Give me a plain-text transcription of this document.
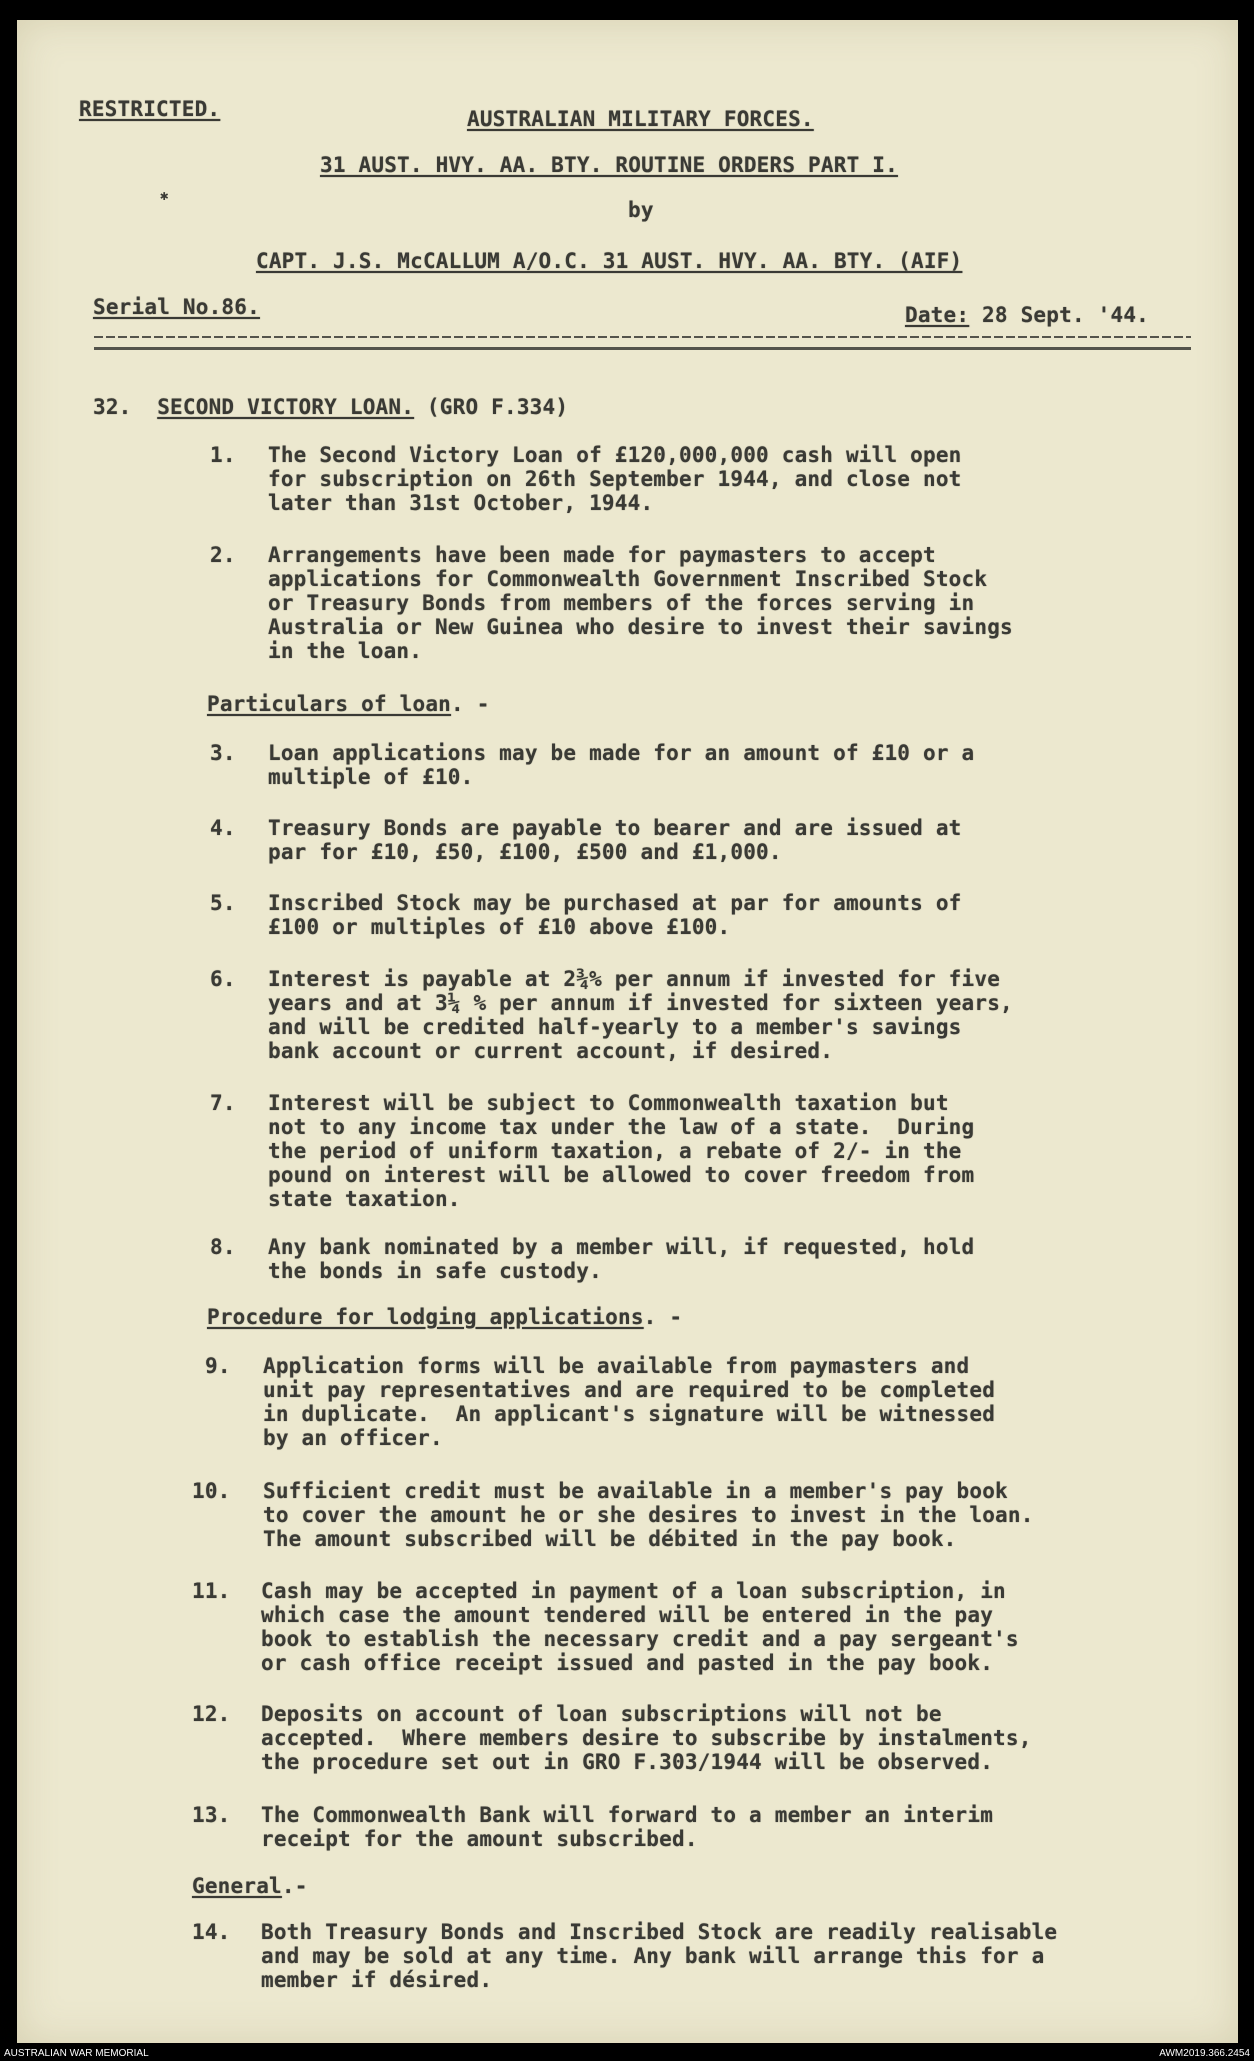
RESTRICTED.	AUSTRALIAN MILITARY FORCES.
31 AUST. HVY. AA. BTY. ROUTINE ORDERS PART I.
✱
by
CAPT. J.S. McCALLUM A/O.C. 31 AUST. HVY. AA. BTY. (AIF)
Serial No.86.	Date: 28 Sept. '44.
32. SECOND VICTORY LOAN. (GRO F.334)
1. The Second Victory Loan of £120,000,000 cash will open
for subscription on 26th September 1944, and close not
later than 31st October, 1944.
2. Arrangements have been made for paymasters to accept
applications for Commonwealth Government Inscribed Stock
or Treasury Bonds from members of the forces serving in
Australia or New Guinea who desire to invest their savings
in the loan.
3. Loan applications may be made for an amount of £10 or a
multiple of £10.
4. Treasury Bonds are payable to bearer and are issued at
par for £10, £50, £100, £500 and £1,000.
5. Inscribed Stock may be purchased at par for amounts of
£100 or multiples of £10 above £100.
6. Interest is payable at 2¾% per annum if invested for five
years and at 3¼ % per annum if invested for sixteen years,
and will be credited half-yearly to a member's savings
bank account or current account, if desired.
7. Interest will be subject to Commonwealth taxation but
not to any income tax under the law of a state.  During
the period of uniform taxation, a rebate of 2/- in the
pound on interest will be allowed to cover freedom from
state taxation.
8. Any bank nominated by a member will, if requested, hold
the bonds in safe custody.
9. Application forms will be available from paymasters and
unit pay representatives and are required to be completed
in duplicate.  An applicant's signature will be witnessed
by an officer.
10. Sufficient credit must be available in a member's pay book
to cover the amount he or she desires to invest in the loan.
The amount subscribed will be débited in the pay book.
11. Cash may be accepted in payment of a loan subscription, in
which case the amount tendered will be entered in the pay
book to establish the necessary credit and a pay sergeant's
or cash office receipt issued and pasted in the pay book.
12. Deposits on account of loan subscriptions will not be
accepted.  Where members desire to subscribe by instalments,
the procedure set out in GRO F.303/1944 will be observed.
13. The Commonwealth Bank will forward to a member an interim
receipt for the amount subscribed.
14. Both Treasury Bonds and Inscribed Stock are readily realisable
and may be sold at any time. Any bank will arrange this for a
member if désired.
Particulars of loan. -
Procedure for lodging applications. -
General.-
AUSTRALIAN WAR MEMORIAL	AWM2019.366.2454
